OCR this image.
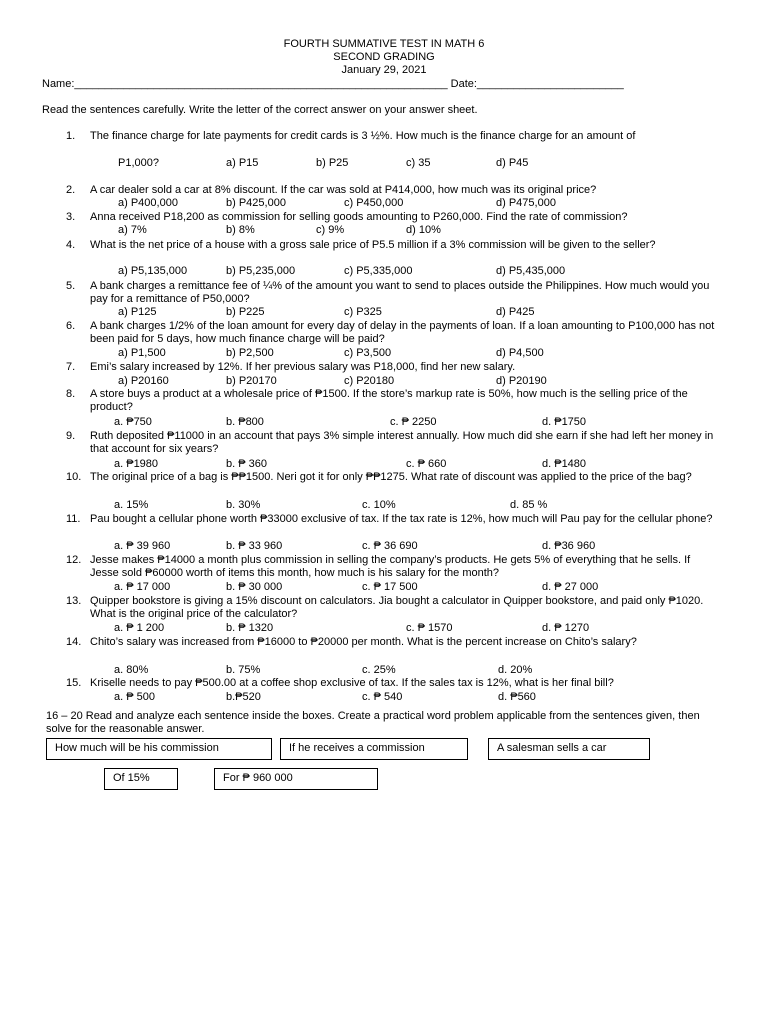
FOURTH SUMMATIVE TEST IN MATH 6
SECOND GRADING
January 29, 2021
Name:_____________________________________________________________ Date:________________________
Read the sentences carefully. Write the letter of the correct answer on your answer sheet.
1.	The finance charge for late payments for credit cards is 3 ½%. How much is the finance charge for an amount of
P1,000?	a) P15	b) P25	c) 35	d) P45
2.	A car dealer sold a car at 8% discount. If the car was sold at P414,000, how much was its original price?
a) P400,000	b) P425,000	c) P450,000	d) P475,000
3.	Anna received P18,200 as commission for selling goods amounting to P260,000. Find the rate of commission?
a) 7%	b) 8%	c) 9%	d) 10%
4.	What is the net price of a house with a gross sale price of P5.5 million if a 3% commission will be given to the seller?
a) P5,135,000	b) P5,235,000	c) P5,335,000	d) P5,435,000
5.	A bank charges a remittance fee of ¼% of the amount you want to send to places outside the Philippines. How much would you pay for a remittance of P50,000?
a) P125	b) P225	c) P325	d) P425
6.	A bank charges 1/2% of the loan amount for every day of delay in the payments of loan. If a loan amounting to P100,000 has not been paid for 5 days, how much finance charge will be paid?
a) P1,500	b) P2,500	c) P3,500	d) P4,500
7.	Emi’s salary increased by 12%. If her previous salary was P18,000, find her new salary.
a) P20160	b) P20170	c) P20180	d) P20190
8.	A store buys a product at a wholesale price of ₱1500. If the store’s markup rate is 50%, how much is the selling price of the product?
a. ₱750	b. ₱800	c. ₱ 2250	d. ₱1750
9.	Ruth deposited ₱11000 in an account that pays 3% simple interest annually. How much did she earn if she had left her money in that account for six years?
a. ₱1980	b. ₱ 360	c. ₱ 660	d. ₱1480
10. The original price of a bag is ₱₱1500. Neri got it for only ₱₱1275. What rate of discount was applied to the price of the bag?
a. 15%	b. 30%	c. 10%	d. 85 %
11. Pau bought a cellular phone worth ₱33000 exclusive of tax. If the tax rate is 12%, how much will Pau pay for the cellular phone?
a. ₱ 39 960	b. ₱ 33 960	c. ₱ 36 690	d. ₱36 960
12. Jesse makes ₱14000 a month plus commission in selling the company’s products. He gets 5% of everything that he sells. If Jesse sold ₱60000 worth of items this month, how much is his salary for the month?
a. ₱ 17 000	b. ₱ 30 000	c. ₱ 17 500	d. ₱ 27 000
13. Quipper bookstore is giving a 15% discount on calculators. Jia bought a calculator in Quipper bookstore, and paid only ₱1020. What is the original price of the calculator?
a. ₱ 1 200	b. ₱ 1320	c. ₱ 1570	d. ₱ 1270
14. Chito’s salary was increased from ₱16000 to ₱20000 per month. What is the percent increase on Chito’s salary?
a. 80%	b. 75%	c. 25%	d. 20%
15. Kriselle needs to pay ₱500.00 at a coffee shop exclusive of tax. If the sales tax is 12%, what is her final bill?
a. ₱ 500	b.₱520	c. ₱ 540	d. ₱560
16 – 20 Read and analyze each sentence inside the boxes. Create a practical word problem applicable from the sentences given, then solve for the reasonable answer.
How much will be his commission	If he receives a commission	A salesman sells a car
Of 15%	For ₱ 960 000
